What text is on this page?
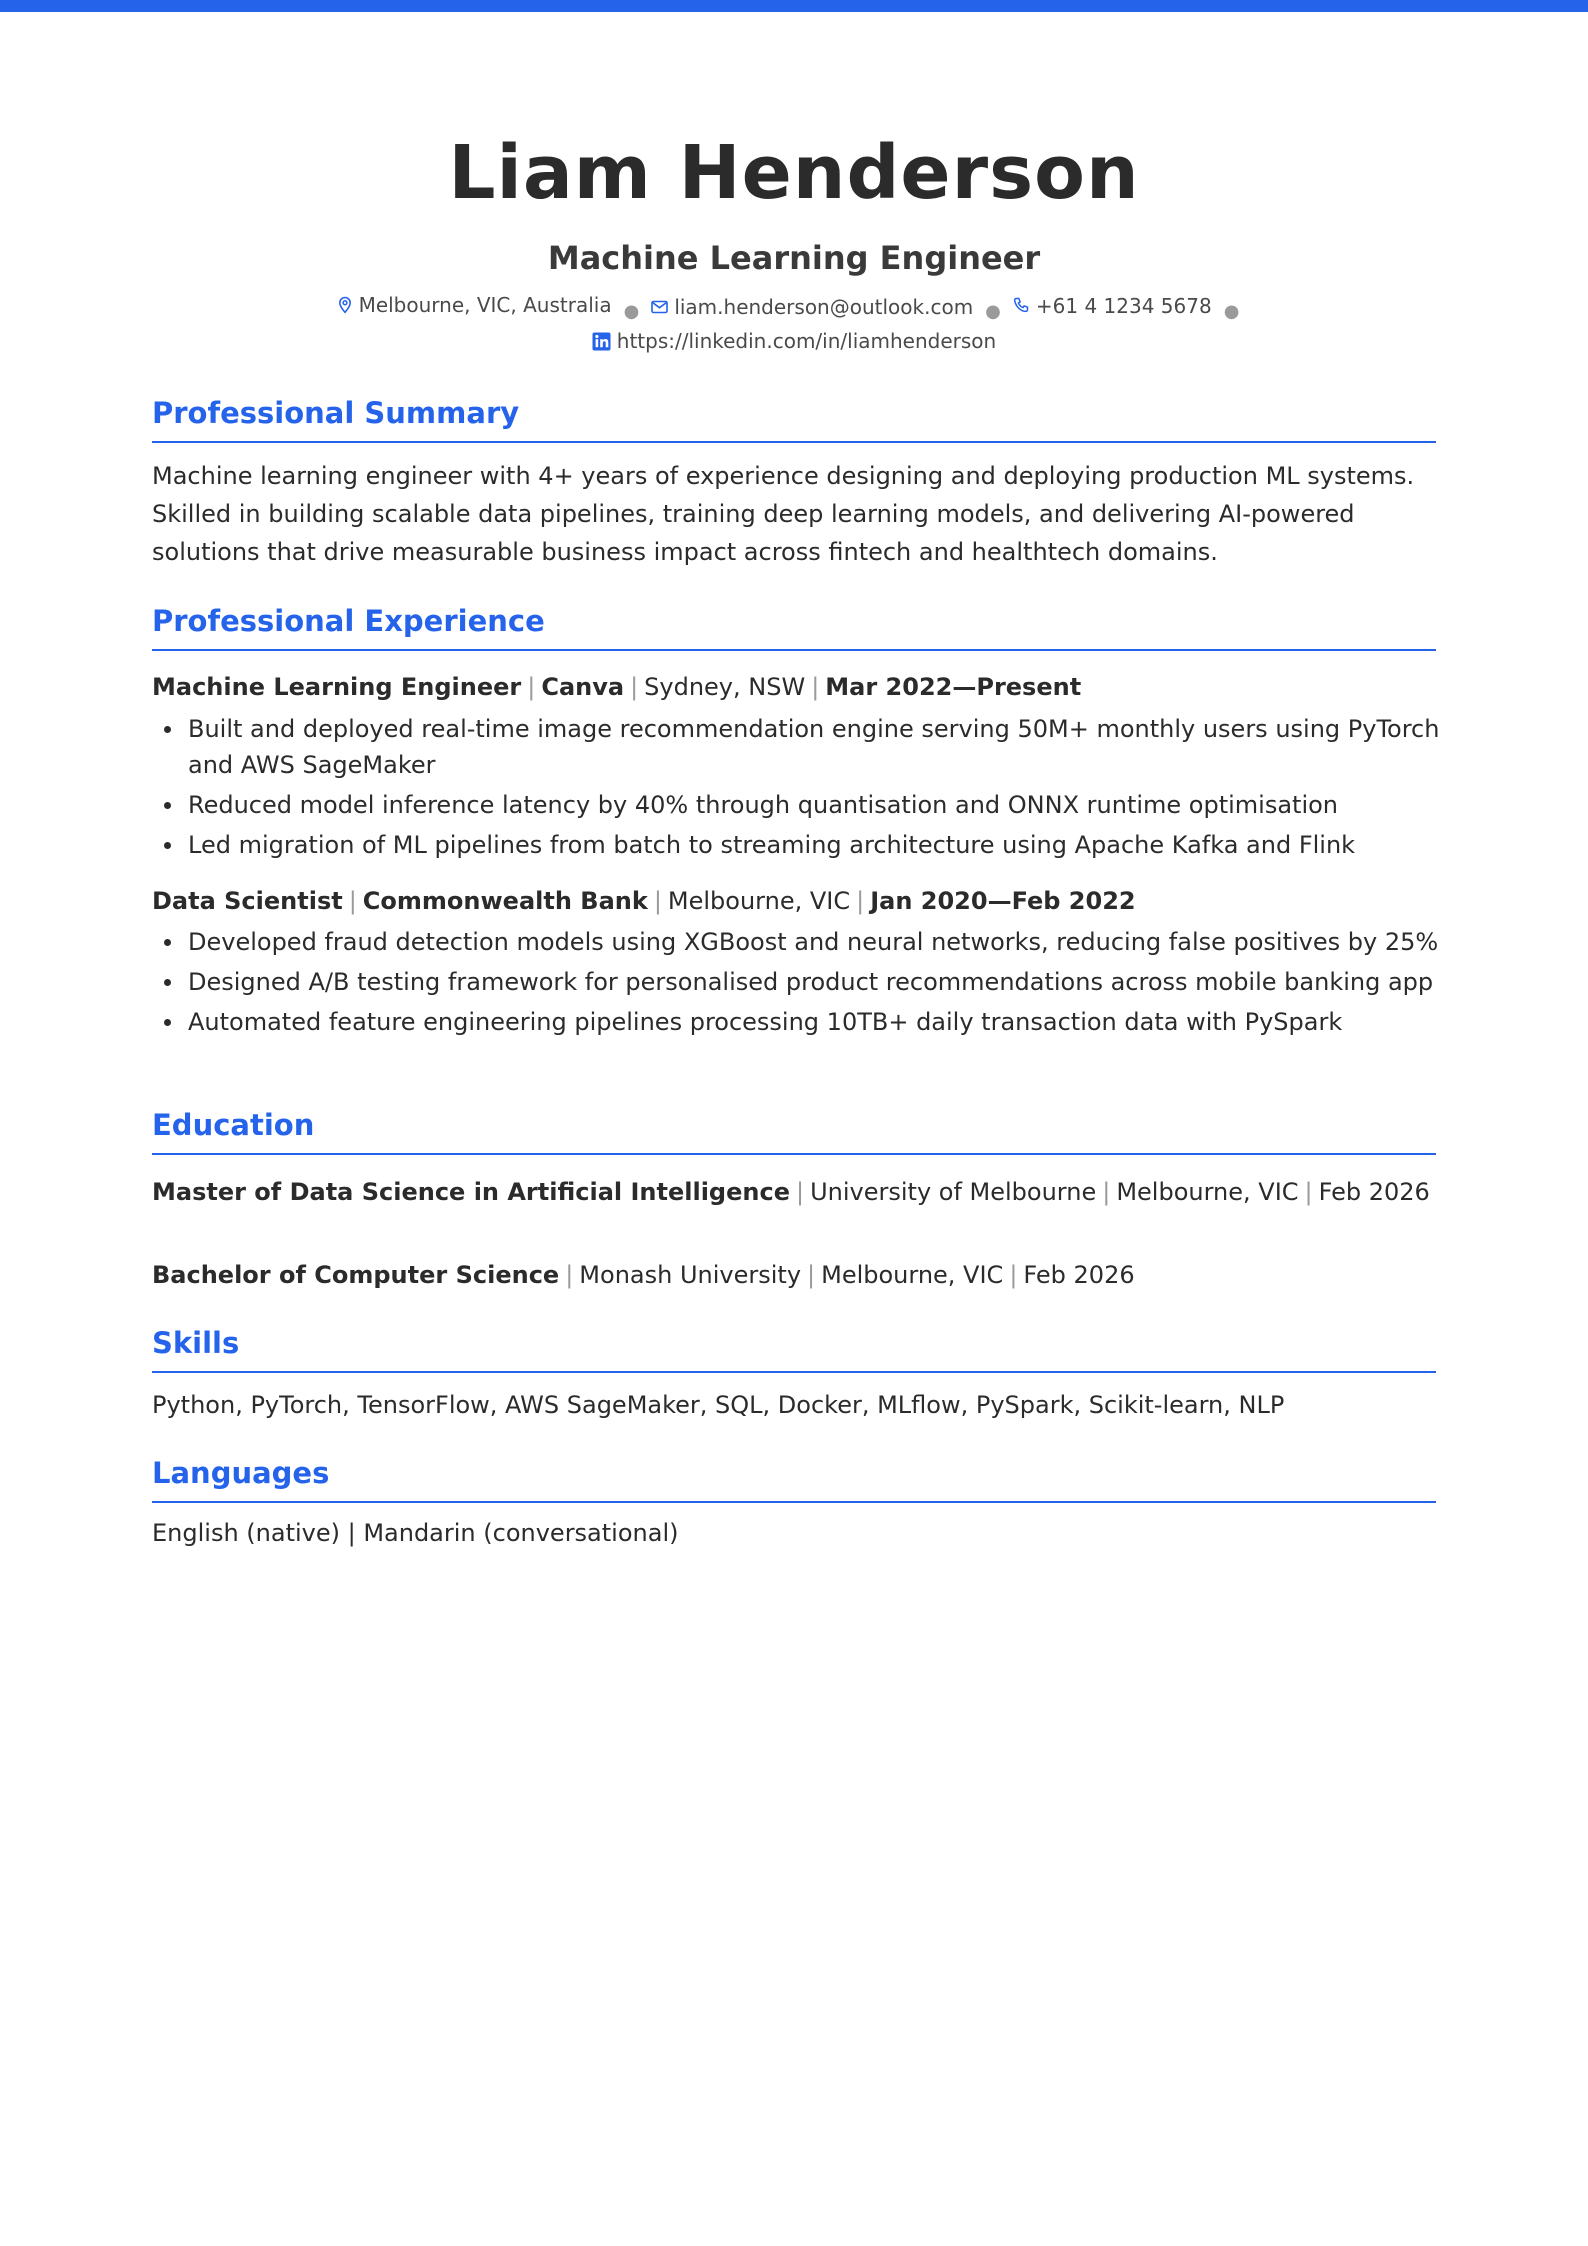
Liam Henderson
Machine Learning Engineer
Melbourne, VIC, Australia ● liam.henderson@outlook.com ● +61 4 1234 5678 ●
https://linkedin.com/in/liamhenderson
Professional Summary
Machine learning engineer with 4+ years of experience designing and deploying production ML systems. Skilled in building scalable data pipelines, training deep learning models, and delivering AI-powered solutions that drive measurable business impact across fintech and healthtech domains.
Professional Experience
Machine Learning Engineer | Canva | Sydney, NSW | Mar 2022—Present
Built and deployed real-time image recommendation engine serving 50M+ monthly users using PyTorch and AWS SageMaker
Reduced model inference latency by 40% through quantisation and ONNX runtime optimisation
Led migration of ML pipelines from batch to streaming architecture using Apache Kafka and Flink
Data Scientist | Commonwealth Bank | Melbourne, VIC | Jan 2020—Feb 2022
Developed fraud detection models using XGBoost and neural networks, reducing false positives by 25%
Designed A/B testing framework for personalised product recommendations across mobile banking app
Automated feature engineering pipelines processing 10TB+ daily transaction data with PySpark
Education
Master of Data Science in Artificial Intelligence | University of Melbourne | Melbourne, VIC | Feb 2026
Bachelor of Computer Science | Monash University | Melbourne, VIC | Feb 2026
Skills
Python, PyTorch, TensorFlow, AWS SageMaker, SQL, Docker, MLflow, PySpark, Scikit-learn, NLP
Languages
English (native) | Mandarin (conversational)
